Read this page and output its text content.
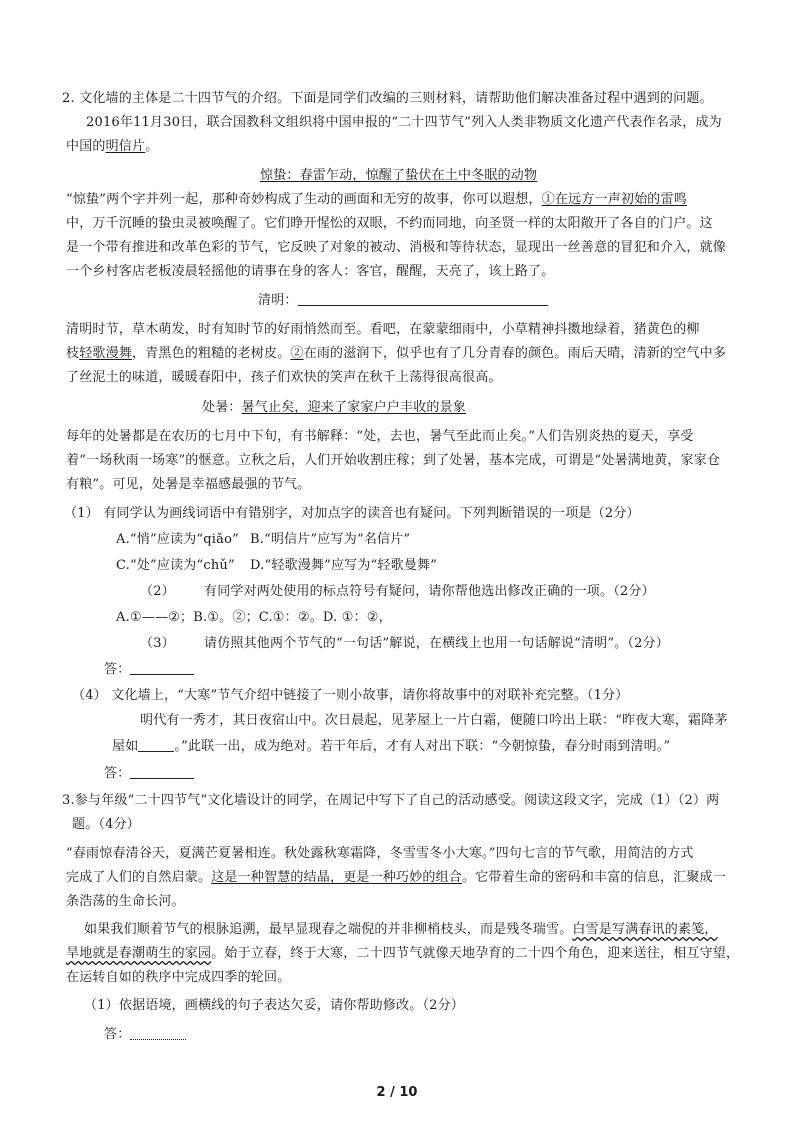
2. 文化墙的主体是二十四节气的介绍。下面是同学们改编的三则材料，请帮助他们解决准备过程中遇到的问题。
2016年11月30日，联合国教科文组织将中国申报的“二十四节气”列入人类非物质文化遗产代表作名录，成为
中国的明信片。
惊蛰：春雷乍动，惊醒了蛰伏在土中冬眠的动物
“惊蛰”两个字并列一起，那种奇妙构成了生动的画面和无穷的故事，你可以遐想，①在远方一声初始的雷鸣
中，万千沉睡的蛰虫灵被唤醒了。它们睁开惺忪的双眼，不约而同地，向圣贤一样的太阳敞开了各自的门户。这
是一个带有推进和改革色彩的节气，它反映了对象的被动、消极和等待状态，显现出一丝善意的冒犯和介入，就像
一个乡村客店老板凌晨轻摇他的请事在身的客人：客官，醒醒，天亮了，该上路了。
清明：
清明时节，草木萌发，时有知时节的好雨悄然而至。看吧，在蒙蒙细雨中，小草精神抖擞地绿着，猪黄色的柳
枝轻歌漫舞，青黑色的粗糙的老树皮。②在雨的滋润下，似乎也有了几分青春的颜色。雨后天晴，清新的空气中多
了丝泥土的味道，暖暖春阳中，孩子们欢快的笑声在秋千上荡得很高很高。
处暑：暑气止矣，迎来了家家户户丰收的景象
每年的处暑都是在农历的七月中下旬，有书解释：“处，去也，暑气至此而止矣。”人们告别炎热的夏天，享受
着“一场秋雨一场寒”的惬意。立秋之后，人们开始收割庄稼；到了处暑，基本完成，可谓是“处暑满地黄，家家仓
有粮”。可见，处暑是幸福感最强的节气。
（1） 有同学认为画线词语中有错别字，对加点字的读音也有疑问。下列判断错误的一项是（2分）
A.“悄”应读为“qiǎo” B.“明信片”应写为“名信片”
C.“处”应读为“chǔ” D.“轻歌漫舞”应写为“轻歌曼舞”
（2） 有同学对两处使用的标点符号有疑问，请你帮他选出修改正确的一项。（2分）
A.①——②；B.①。②；C.①：②。D. ①：②，
（3） 请仿照其他两个节气的“一句话”解说，在横线上也用一句话解说“清明”。（2分）
答：
（4） 文化墙上，“大寒”节气介绍中链接了一则小故事，请你将故事中的对联补充完整。（1分）
明代有一秀才，其日夜宿山中。次日晨起，见茅屋上一片白霜，便随口吟出上联：“昨夜大寒，霜降茅
屋如	。”此联一出，成为绝对。若干年后，才有人对出下联：“今朝惊蛰，春分时雨到清明。”
答：
3.参与年级“二十四节气”文化墙设计的同学，在周记中写下了自己的活动感受。阅读这段文字，完成（1）（2）两
题。（4分）
“春雨惊春清谷天，夏满芒夏暑相连。秋处露秋寒霜降，冬雪雪冬小大寒。”四句七言的节气歌，用简洁的方式
完成了人们的自然启蒙。这是一种智慧的结晶，更是一种巧妙的组合。它带着生命的密码和丰富的信息，汇聚成一
条浩荡的生命长河。
如果我们顺着节气的根脉追溯，最早显现春之端倪的并非柳梢枝头，而是残冬瑞雪。白雪是写满春讯的素笺，
旱地就是春潮萌生的家园。始于立春，终于大寒，二十四节气就像天地孕育的二十四个角色，迎来送往，相互守望，
在运转自如的秩序中完成四季的轮回。
（1）依据语境，画横线的句子表达欠妥，请你帮助修改。（2分）
答：
2 / 10
